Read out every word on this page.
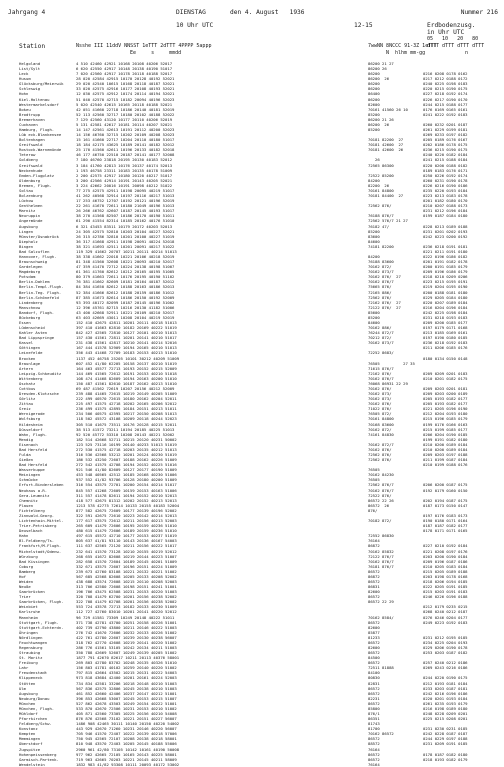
Jahrgang 4

	DIENSTAG

	den 4. August   1936	Nummer 216

10 Uhr UTC

	12-15

	Erdbodenzusg.

in Uhr UTC

05   10   20   80

Station

	Nsshe III 11ddV NNSST 1eTTT 2dTTT 4PPPP 5appp

	7wwNN 8NCCC 91-3Z 1eTTT

dTTT dTTT dTTT dTTT

Ee     s     mmdd

	N  hlhm mm-gg

	n

Helgoland	4 510 42460 42921 10168 20108 40206 52017	86200 21 27
List/Sylt	6 620 42550 42917 10148 20138 40190 51017	86200 26
Leck	7 020 42560 42917 10178 20118 40188 52017	86200	0216 0208 0178 0162
Husum	28 020 42584 42915 10170 20128 40192 52021	86200  26	0217 0212 0188 0172
Glücksburg/Meierwik	29 020 42540 10615 10168 20118 40187 52021	86200	0240 0225 0198 0183
Schleswig	33 020 42575 42916 10177 20108 40193 52021	86200	0220 0215 0190 0175
Hohn	12 030 42575 42912 10174 20114 40194 52021	86400	0227 0218 0192 0174
Kiel-Holtenau	51 040 42570 42715 10182 20094 40196 52023	86200	0226 0217 0190 0170
Westermarkelsdorf	5 020 42540 42615 10165 20118 40188 52021	82600	0244 0215 0188 0177
Bokeu	42 051 41660 22718 10186 20140 40181 52019	70161 41560 26 10	0176 0169 0165 0161
Brodtrupp	52 113 42560 32717 10180 20102 40188 52022	85200	0241 0222 0192 0183
Bremerhaven	7 129 42560 43120 10177 20110 40206 52019	86200 21 26
Cuxhaven	5 131 42581 42617 10181 20114 40207 52021	86200  26	0260 0232 0201 0187
Hamburg, Flugh.	14 147 42561 42613 10191 20112 40200 52023	85200	0261 0229 0199 0181
Lüb eck-Blankensee	14 156 46760 32715 10202 20109 40208 52023	0269 0233 0197 0182
Boltenhagen	15 161 41660 22717 10204 20110 40180 51017	70181 82200  27	0205 0189 0176 0167
Greifswald	18 184 42175 43625 10189 20141 40182 52012	70181 42600  27	0202 0186 0178 0175
Rostock-Warnemünde	25 170 41560 42611 10196 20133 40182 52018	70181 42600  26	0236 0215 0190 0175
Teterow	46 177 46750 22510 20187 20141 40177 52008	0240 0220 0182 0184
Goldberg	7 180 46760 23818 20195 20130 40183 52012	26	0241 0215 0188 0184
Greifswald	3 184 41760 42813 10176 20137 40174 52013	72565 86300	0220 0200 0188 0182
Neckenhude	1 193 46758 23311 10183 20135 40178 51009	0189 0183 0176 0171
Emden-Flugplatz	2 200 42575 42917 10180 20120 40217 51017	72522 85200	0250 0226 0192 0174
Oldenburg	3 200 42566 42914 10191 20143 40205 52021	84200	0260 0231 0190 0178
Bremen, Flugh.	3 224 42662 20016 10191 20098 40212 51022	82200  26	0226 0216 0190 0186
Soltau	77 275 42575 42911 10198 20095 40219 51017	70161 84800	0235 0220 0193 0184
Bolzenburg	41 262 40568 32914 10197 20116 40217 51013	70181 84400  27	0223 0213 0183 0178
Lüchow	17 253 46752 12707 10192 20121 40196 52019	0201 0182 0180 0170
Genthelmen	22 261 41670 72611 10180 21049 40196 51013	72562 876/	0210 0207 0188 0173
Marnitz	26 266 46762 42607 10187 20145 40193 51017	0231 0212 0196 0184
Neuruppin	38 270 41568 82507 10186 20170 40190 51011	76188 876/7	0199 0187 0184 0180
Angermünde	61 290 41554 82314 10185 20162 40176 51010	72562 576/7 21 27
Augsburg	6 321 43453 83511 10179 20172 40203 52013	76182 47/	0228 0213 0189 0188
Lingen	24 305 42575 52810 10203 20104 40227 52021	85200	0231 0201 0202 0193
Münster/Osnabrück	26 315 42786 32810 10201 20100 40227 51019	83600	0242 0223 0200 0192
Diepholz	36 317 41668 42911 10198 20091 40224 52018	84600
Bingen	38 321 41693 42511 10201 20091 40217 51022	74181 82200	0236 0218 0191 0181
Bad Salzuflen	119 329 41662 20707 10211 20111 40214 51013	0221 0211 0191 0180
Hannover, Flugh.	38 338 41662 22018 10221 20106 40218 52019	84200	0222 0196 0186 0182
Braunschweig	81 348 41560 32608 10221 20093 40210 52017	76188 83600	0201 0191 0182 0178
Gardelegen	47 359 41470 72712 10224 20138 40198 51007	70162 872/	0200 0191 0185 0179
Magdeburg	61 361 41760 82612 10212 20165 40195 51005	70162 873/7	0209 0196 0186 0179
Potsdam	80 379 41663 72611 10176 20195 40190 51102	70162 876/  27	0218 0210 0209 0206
Berlin-Dahlem	76 381 41662 82609 10181 20164 40187 52012	70162 876/7	0223 0215 0195 0191
Berlin-Templ.Flugh.	84 384 41650 82612 10188 20163 40186 52013	75665 876/	0219 0204 0195 0190
Berlin-Teg. Flugh.	52 384 41666 82612 10188 20159 40186 51012	72165 886/	0200 0188 0181 0180
Berlin-Schönefeld	87 385 41673 82614 10186 20150 40192 52009	72562 876/	0229 0205 0184 0180
Lindenberg	93 393 40172 82099 10187 20145 40196 51002	72162 876/  27	0220 0207 0189 0184
Manschnow	12 396 45761 82715 10216 20130 41182 51006	72122 876/  27	0216 0204 0196 0184
Bandorf, Flugh.	43 400 42668 52911 10221 20109 40210 52017	85600	0242 0225 0198 0184
Bückeburg	63 403 42669 43011 10208 20104 40219 52019	85200	0231 0218 0193 0183
Essen	152 410 42675 42811 10201 20111 40218 51013	84600	0209 0200 0185 0177
Lüdenscheid	397 410 41663 62810 10182 20169 40222 51019	70162 886/	0197 0179 0171 0168
Kahler Asten	842 427 42565 72810 10127 20101 40210 51013	76244 872/7	0213 0185 0169 0161
Bad Lippspringe	157 430 41561 72811 10201 20141 40210 51017	70212 872/	0197 0190 0180 0185
Kassel	231 438 41561 42817 10210 20141 40214 52016	70162 873/7	0236 0218 0192 0183
Göttingen	167 444 41578 52909 10194 20165 40210 51013	0211 0206 0185 0176
Leinefelde	356 443 41468 72709 10183 20153 40213 51010	72252 8683/
Brocken	1137 452 46758 25205 10101 30212 40209 51009	0180 0134 0150 0148
Braunlage	607 452 41/80 62205 10158 20137 40210 51019	76505          27 35
Artern	164 463 45577 72713 10193 20152 40215 52009	71615 876/7
Leipzig-Schkeuditz	144 469 41565 72612 10191 20153 40210 51018	72162 876/	0209 0209 0201 0183
Wittenberg	108 474 41468 82609 10194 20163 40200 51010	70162 876/7	0210 0201 0182 0175
Oschatz	150 487 41561 82610 10187 20162 40213 51010	76068 86931 22 29
Cottbus	69 487 41562 72619 10207 20156 40212 52009	70162 876/	0209 0203 0201 0181
Dresden-Klotzsche	239 488 41465 72615 10219 20149 40205 51009	70162 873/	0209 0203 0200 0189
Görlitz	222 499 40570 72615 10180 20162 40204 52011	70162 873/	0205 0193 0182 0177
Zittau	225 497 41575 42718 10202 20165 40206 52012	70162 876/	0205 0193 0182 0177
Greiz	236 499 41575 42895 10184 20151 40213 51011	71022 876/	0221 0205 0196 0190
Wernigerode	234 506 40575 42595 10217 20150 40208 51013	76505 872/	0212 0204 0193 0180
Wolfsburg	118 502 45572 43108 10209 20118 40244 52023	70161 84800	0215 0196 0185 0179
Hildesheim	305 510 41675 73511 10176 20128 40215 52011	70168 83600	0199 0176 0166 0163
Düsseldorf	38 513 41572 73211 10194 20185 40225 51013	70162 872/	0215 0199 0185 0177
Wahn, Flugh.	92 520 45772 53310 10208 20143 40221 52002	74161 84830	0206 0204 0190 0185
Mendig	182 514 42668 52711 10215 20120 40231 50002	0199 0191 0182 0180
Eisenach	123 525 73116 10199 20140 40233 51013 51019	70162 872/7	0210 0200 0189 0184
Bad Hersfeld	272 530 41575 42718 10203 20135 40212 51013	70162 876/	0210 0200 0189 0184
Fulda	316 536 42568 53212 10201 20124 40230 51019	72562 876/	0209 0203 0197 0188
Gießen	186 532 43250 72607 10188 20162 40226 51009	72562 876/	0211 0199 0187 0184
Bad Hersfeld	272 542 41575 42708 10194 20152 40225 51016	0210 0199 0188 0176
Wasserkuppe	921 546 41/80 82609 10127 20177 40190 51009	76505
Meiningen	453 548 40565 42512 10185 20168 40230 51006	70162 84230
Schmücke	937 552 41/82 93706 10128 20180 40200 51009	76505
Erfurt-Bindersleben	316 554 43575 72701 10200 20154 40214 51017	72562 876/7	0206 0200 0187 0175
Neuhaus a.R.	845 557 41268 72609 10159 20153 40163 51006	70162 876/7	0192 0179 0160 0150
Gera-Leumnitz	311 557 41478 82611 10194 20152 40210 52013	72522 876/
Chemnitz	418 577 42675 81312 10202 20152 40213 52013	86572 22 26	0202 0194 0187 0175
Plauen	1213 578 42775 72614 10133 20155 40183 52004	86572  26	0187 0173 0150 0147
Fichtelberg	877 582 42675 72609 10177 20139 40196 52002	876/
Zinnwald-Georg.	322 591 42675 72610 10223 20142 40214 52013	0197 0176 0183 0173
Lichtenhain-Mittel.	177 617 43575 72612 10211 20156 40213 52003	70182 872/	0190 0180 0171 0164
Trier-Petrisberg	265 609 41479 72606 10195 20159 40236 51010	0187 0187 0182 0177
Deuselbach	480 615 41479 72606 10189 20159 40236 51010	0178 0171 0171 0165
Hahn	497 615 45572 42710 10177 20153 40237 51019	72552 86830
Bl.Feldberg/Ts.	805 637 41/81 93110 10143 20136 40167 54003	76164
Frankfurt/M.Flugh.	111 637 42565 72120 10211 20156 40222 51017	86872	0227 0210 0192 0184
Michelstadt/Odenw.	232 641 41570 73128 10210 20155 40219 52012	70162 85832	0221 0208 0197 0176
Würzburg	268 655 41672 82608 10219 20144 40223 51007	72122 876/7	0203 0200 0190 0184
Bad Kissingen	282 658 41570 72604 10189 20145 40201 51009	70162 876/7	0209 0196 0187 0186
Coburg	332 671 43575 72607 10196 20151 40224 51009	76181 876/7	0210 0205 0183 0184
Bamberg	239 673 42760 83108 10221 20132 40221 51002	86572	0215 0205 0189 0188
Hof	567 685 42568 82608 10205 20133 40208 52002	86872	0203 0198 0178 0168
Weiden	438 688 43574 72608 10215 20110 40208 52003	86572	0218 0206 0194 0185
Neuße	313 706 42580 72608 10198 20151 40241 51001	86831	0222 0205 0191 0185
Saarbrücken	196 706 43475 62508 10231 20153 40220 51003	82600	0215 0203 0191 0183
Trier	320 708 41479 62700 10201 20156 40238 52002	86572	0246 0226 0196 0188
Saarbrücken, Flugh.	322 708 41479 62708 10201 20156 40238 52002	86572 22 29
Weinbiet	553 724 43578 72713 10182 20133 40230 51009	0212 0179 0235 0215
Karlsruhe	112 727 42760 83010 10201 20141 40220 52012	0268 0240 0212 0187
Mannheim	96 729 41581 73309 10249 20148 40222 51011	70162 8584/	0276 0246 0204 0177
Stuttgart, Flugh.	371 738 42781 43700 10251 20158 40226 51001	86572	0249 0223 0192 0183
Stuttgart-Echterdn.	402 739 42790 43800 10211 20146 40222 51003	82600
Öhringen	276 742 41670 72606 10232 20133 40226 51002	85877
Nördlingen	422 761 42780 22607 10239 20130 40238 56007	81233	0231 0212 0195 0185
Feuchtwangen	318 762 42770 42608 10219 20141 40220 51002	86572	0234 0225 0204 0193
Regensburg	286 776 41561 53105 10242 20134 40211 51003	82600	0229 0206 0190 0178
Straubing	350 788 42669 52607 10249 20139 40205 51002	86572	0253 0203 0187 0182
St. Moritz	1877 791 42670 82617 10211 20113 40376 58001	84500
Freiburg	269 803 42780 83702 10248 20135 40326 51010	86572	0257 0240 0212 0186
Lahr	156 803 41781 40102 10259 20140 40220 51002	72511 81888	0269 0243 0216 0186
Freudenstadt	797 815 42664 43502 10215 20131 40222 54003	84100
Klippeneck	973 818 43684 42400 10201 20161 40224 52003	80830	0244 0220 0190 0175
Stötten	734 834 42581 33206 10218 20148 40210 51003	82831	0212 0193 0181 0184
Ulm	567 836 42575 32806 10245 20138 40210 51003	86572	0233 0203 0187 0181
Augsburg	461 852 42660 42406 10237 20147 40212 51001	86572	0242 0216 0196 0186
Neuburg/Donau	396 853 42668 53007 10245 20153 40215 51007	82231	0220 0201 0193 0184
München	527 862 42678 43503 10249 20154 40222 51001	86572	0261 0235 0193 0179
München, Flugh.	533 870 42670 72506 10231 20153 40210 51002	85800	0216 0198 0189 0180
Mühldorf	405 871 42560 73305 10225 20156 40210 54008	876/1	0248 0228 0209 0201
Pfarrkirchen	876 876 42568 73102 10221 20151 40227 56007	86351	0225 0215 0208 0201
Feldberg/Schw.	1486 908 42465 30111 10140 20150 40220 54002	81743
Konstanz	443 929 42670 71260 10231 20146 40220 56007	81700	0231 0230 0231 0185
Kempten	705 946 41570 72407 10222 20139 40218 57006	70162 86572	0242 0228 0187 0187
Memmingen	750 945 42565 72107 10208 20138 40218 58001	86572	0244 0229 0197 0188
Oberstdorf	810 948 43570 72403 10205 20145 40188 55006	88572	0231 0209 0191 0185
Zugspitze	2960 961 42/80 73105 10142 10161 40190 50008	76164
Hohenpeissenberg	977 962 42665 72105 10165 20143 40225 58001	86572	0178 0187 0182 0180
Garmisch-Partenk.	719 963 42665 70203 10221 20145 40211 58009	86572	0218 0193 0182 0179
Wendelstein	1832 983 41/82 93308 10111 20093 40172 53002	76164
